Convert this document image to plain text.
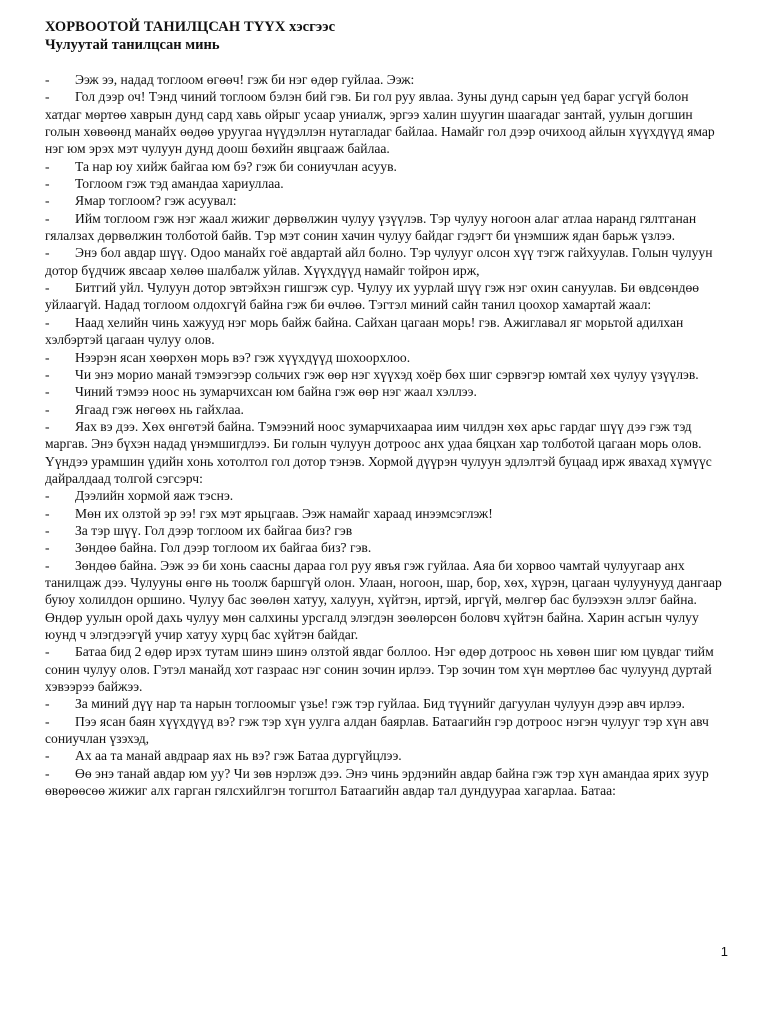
ХОРВООТОЙ ТАНИЛЦСАН ТҮҮХ хэсгээс
Чулуутай танилцсан минь

- Ээж ээ, надад тоглоом өгөөч! гэж би нэг өдөр гуйлаа. Ээж:

- Гол дээр оч! Тэнд чиний тоглоом бэлэн бий гэв. Би гол руу явлаа. Зуны дунд сарын үед бараг усгүй болон хатдаг мөртөө хаврын дунд сард хавь ойрыг усаар униалж, эргээ халин шуугин шаагадаг зантай, уулын догшин голын хөвөөнд манайх өөдөө уруугаа нүүдэллэн нутагладаг байлаа. Намайг гол дээр очихоод айлын хүүхдүүд ямар нэг юм эрэх мэт чулуун дунд доош бөхийн явцгааж байлаа.

- Та нар юу хийж байгаа юм бэ? гэж би сониучлан асуув.

- Тоглоом гэж тэд амандаа хариуллаа.

- Ямар тоглоом? гэж асуувал:

- Ийм тоглоом гэж нэг жаал жижиг дөрвөлжин чулуу үзүүлэв. Тэр чулуу ногоон алаг атлаа наранд гялтганан гялалзах дөрвөлжин толботой байв. Тэр мэт сонин хачин чулуу байдаг гэдэгт би үнэмшиж ядан барьж үзлээ.

- Энэ бол авдар шүү. Одоо манайх гоё авдартай айл болно. Тэр чулууг олсон хүү тэгж гайхуулав. Голын чулуун дотор бүдчиж явсаар хөлөө шалбалж уйлав. Хүүхдүүд намайг тойрон ирж,

- Битгий уйл. Чулуун дотор эвтэйхэн гишгэж сур. Чулуу их уурлай шүү гэж нэг охин сануулав. Би өвдсөндөө уйлаагүй. Надад тоглоом олдохгүй байна гэж би өчлөө. Тэгтэл миний сайн танил цоохор хамартай жаал:

- Наад хелийн чинь хажууд нэг морь байж байна. Сайхан цагаан морь! гэв. Ажиглавал яг морьтой адилхан хэлбэртэй цагаан чулуу олов.

- Нээрэн ясан хөөрхөн морь вэ? гэж хүүхдүүд шохоорхлоо.

- Чи энэ морио манай тэмээгээр сольчих гэж өөр нэг хүүхэд хоёр бөх шиг сэрвэгэр юмтай хөх чулуу үзүүлэв.

- Чиний тэмээ ноос нь зумарчихсан юм байна гэж өөр нэг жаал хэллээ.

- Ягаад гэж нөгөөх нь гайхлаа.

- Яах вэ дээ. Хөх өнгөтэй байна. Тэмээний ноос зумарчихаараа иим чилдэн хөх арьс гардаг шүү дээ гэж тэд маргав. Энэ бүхэн надад үнэмшигдлээ. Би голын чулуун дотроос анх удаа бяцхан хар толботой цагаан морь олов. Үүндээ урамшин үдийн хонь хотолтол гол дотор тэнэв. Хормой дүүрэн чулуун эдлэлтэй буцаад ирж явахад хүмүүс дайралдаад толгой сэгсэрч:

- Дээлийн хормой яаж тэснэ.

- Мөн их олзтой эр ээ! гэх мэт ярьцгаав. Ээж намайг хараад инээмсэглэж!

- За тэр шүү. Гол дээр тоглоом их байгаа биз? гэв

- Зөндөө байна. Гол дээр тоглоом их байгаа биз? гэв.

- Зөндөө байна. Ээж ээ би хонь саасны дараа гол руу явъя гэж гуйлаа. Аяа би хорвоо чамтай чулуугаар анх танилцаж дээ. Чулууны өнгө нь тоолж баршгүй олон. Улаан, ногоон, шар, бор, хөх, хүрэн, цагаан чулуунууд дангаар буюу холилдон оршино. Чулуу бас зөөлөн хатуу, халуун, хүйтэн, иртэй, иргүй, мөлгөр бас булээхэн эллэг байна. Өндөр уулын орой дахь чулуу мөн салхины урсгалд элэгдэн зөөлөрсөн боловч хүйтэн байна. Харин асгын чулуу юунд ч элэгдээгүй учир хатуу хурц бас хүйтэн байдаг.

- Батаа бид 2 өдөр ирэх тутам шинэ шинэ олзтой явдаг боллоо. Нэг өдөр дотроос нь хөвөн шиг юм цувдаг тийм сонин чулуу олов. Гэтэл манайд хот газраас нэг сонин зочин ирлээ. Тэр зочин том хүн мөртлөө бас чулуунд дуртай хэвээрээ байжээ.

- За миний дүү нар та нарын тоглоомыг үзье! гэж тэр гуйлаа. Бид түүнийг дагуулан чулуун дээр авч ирлээ.

- Пээ ясан баян хүүхдүүд вэ? гэж тэр хүн уулга алдан баярлав. Батаагийн гэр дотроос нэгэн чулууг тэр хүн авч сониучлан үзэхэд,

- Ах аа та манай авдраар яах нь вэ? гэж Батаа дургүйцлээ.

- Өө энэ танай авдар юм уу? Чи зөв нэрлэж дээ. Энэ чинь эрдэнийн авдар байна гэж тэр хүн амандаа ярих зуур өвөрөөсөө жижиг алх гарган гялсхийлгэн тогштол Батаагийн авдар тал дундуураа хагарлаа. Батаа:

1
